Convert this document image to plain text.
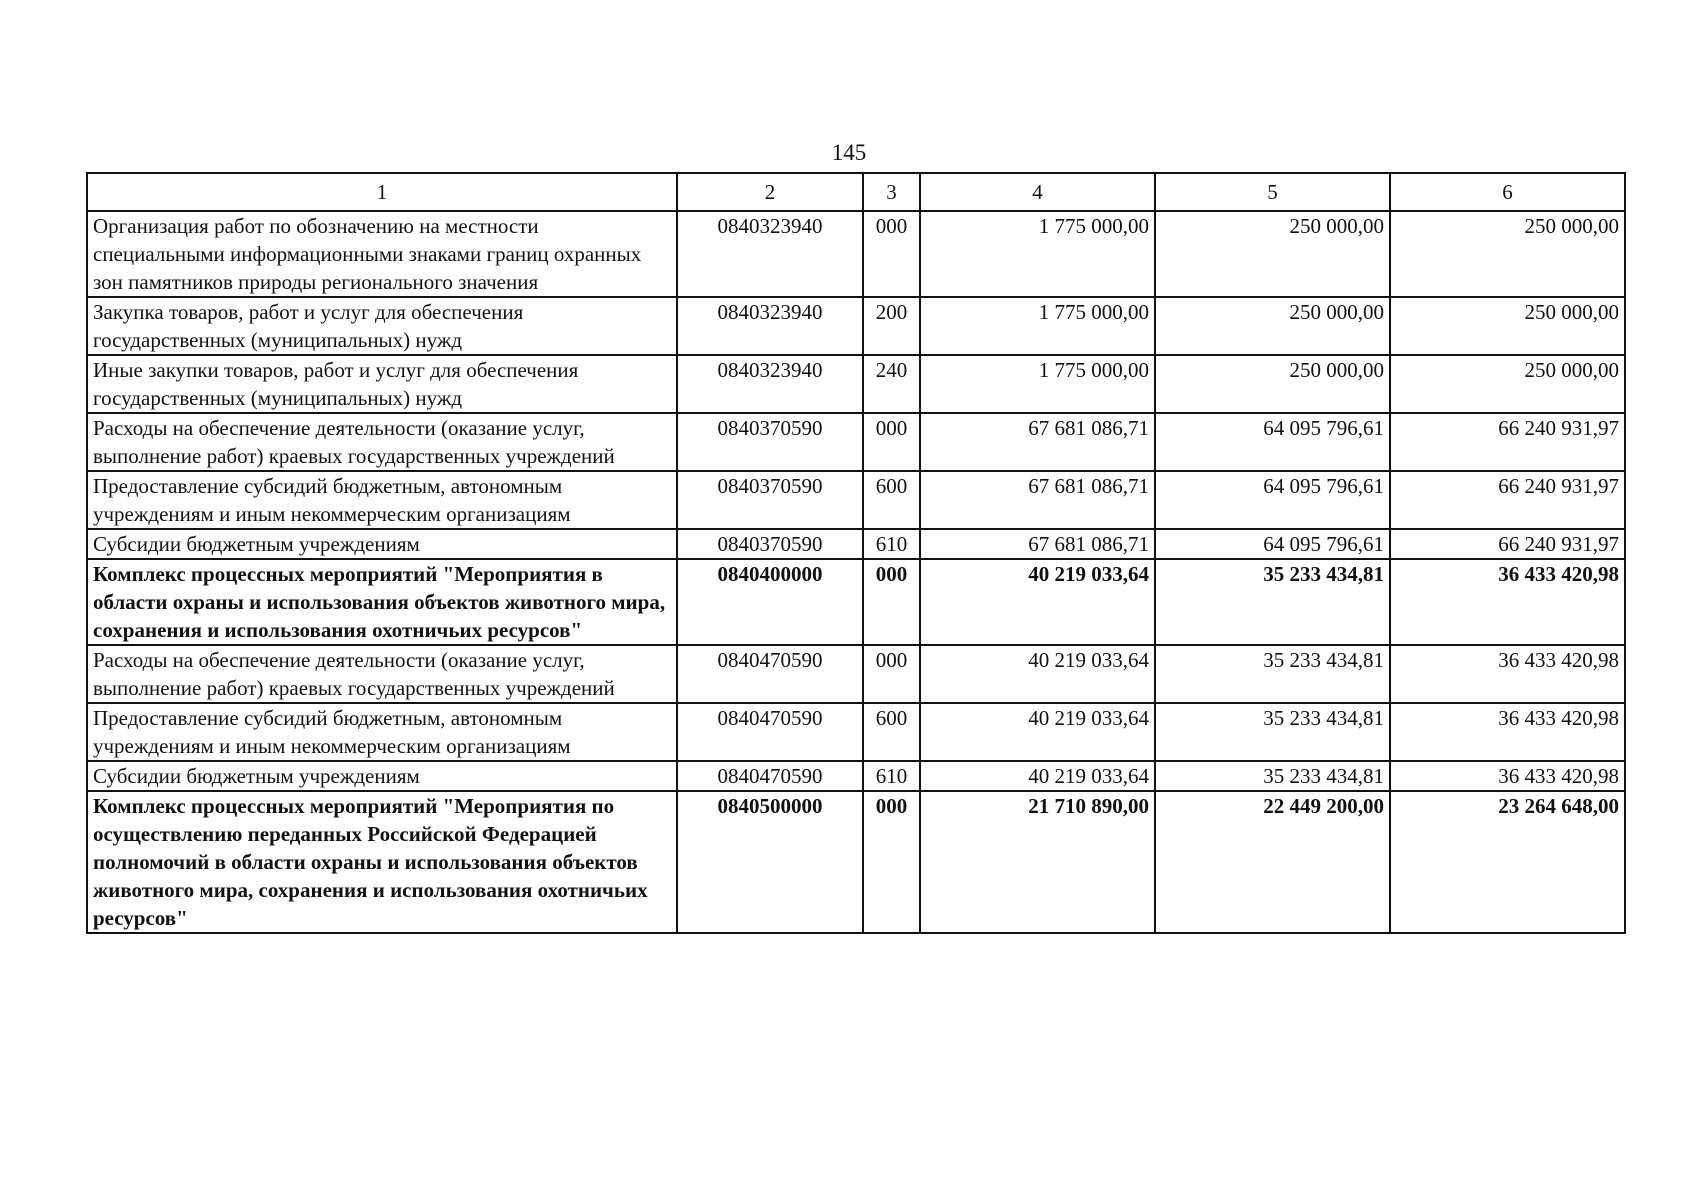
145
1	2	3	4	5	6
Организация работ по обозначению на местности специальными информационными знаками границ охранных зон памятников природы регионального значения	0840323940	000	1 775 000,00	250 000,00	250 000,00
Закупка товаров, работ и услуг для обеспечения государственных (муниципальных) нужд	0840323940	200	1 775 000,00	250 000,00	250 000,00
Иные закупки товаров, работ и услуг для обеспечения государственных (муниципальных) нужд	0840323940	240	1 775 000,00	250 000,00	250 000,00
Расходы на обеспечение деятельности (оказание услуг, выполнение работ) краевых государственных учреждений	0840370590	000	67 681 086,71	64 095 796,61	66 240 931,97
Предоставление субсидий бюджетным, автономным учреждениям и иным некоммерческим организациям	0840370590	600	67 681 086,71	64 095 796,61	66 240 931,97
Субсидии бюджетным учреждениям	0840370590	610	67 681 086,71	64 095 796,61	66 240 931,97
Комплекс процессных мероприятий "Мероприятия в области охраны и использования объектов животного мира, сохранения и использования охотничьих ресурсов"	0840400000	000	40 219 033,64	35 233 434,81	36 433 420,98
Расходы на обеспечение деятельности (оказание услуг, выполнение работ) краевых государственных учреждений	0840470590	000	40 219 033,64	35 233 434,81	36 433 420,98
Предоставление субсидий бюджетным, автономным учреждениям и иным некоммерческим организациям	0840470590	600	40 219 033,64	35 233 434,81	36 433 420,98
Субсидии бюджетным учреждениям	0840470590	610	40 219 033,64	35 233 434,81	36 433 420,98
Комплекс процессных мероприятий "Мероприятия по осуществлению переданных Российской Федерацией полномочий в области охраны и использования объектов животного мира, сохранения и использования охотничьих ресурсов"	0840500000	000	21 710 890,00	22 449 200,00	23 264 648,00
